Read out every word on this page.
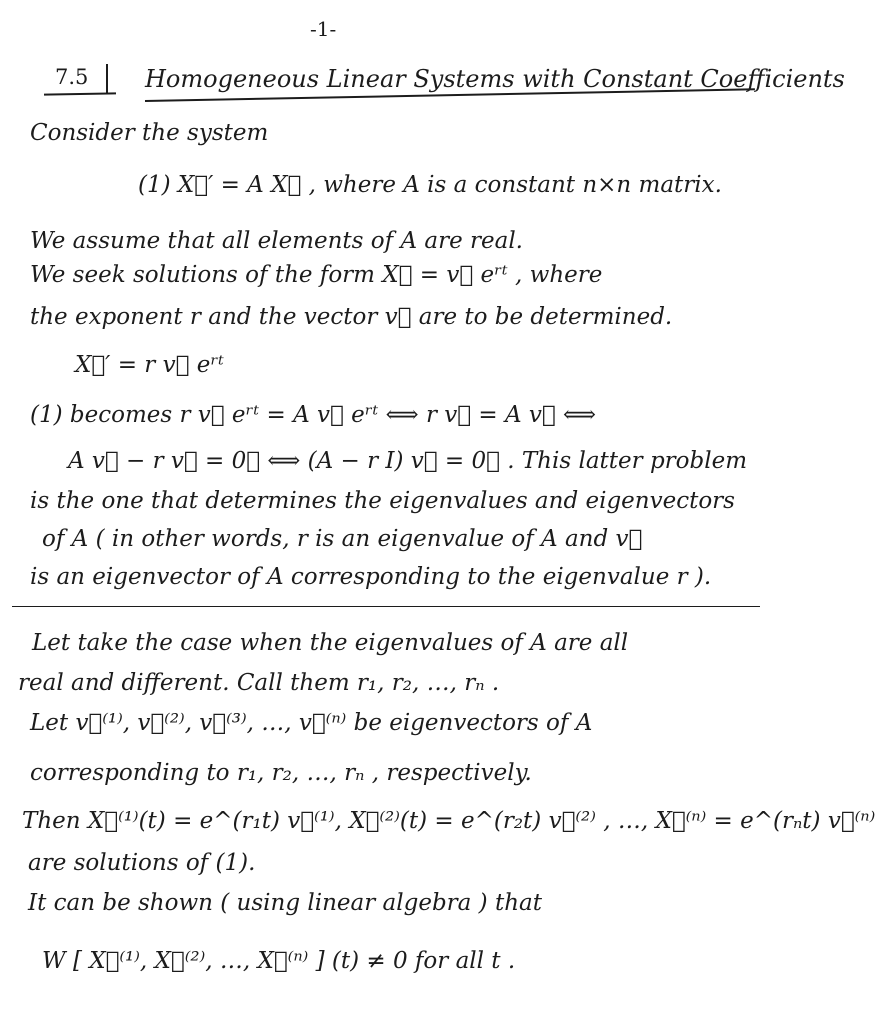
-1-
7.5 Homogeneous Linear Systems with Constant Coefficients
Consider the system
(1) X⃗′ = A X⃗ , where A is a constant n×n matrix.
We assume that all elements of A are real.
We seek solutions of the form X⃗ = v⃗ eʳᵗ , where
the exponent r and the vector v⃗ are to be determined.
X⃗′ = r v⃗ eʳᵗ
(1) becomes r v⃗ eʳᵗ = A v⃗ eʳᵗ ⟺ r v⃗ = A v⃗ ⟺
A v⃗ − r v⃗ = 0⃗ ⟺ (A − r I) v⃗ = 0⃗ . This latter problem
is the one that determines the eigenvalues and eigenvectors
of A ( in other words, r is an eigenvalue of A and v⃗
is an eigenvector of A corresponding to the eigenvalue r ).
Let take the case when the eigenvalues of A are all
real and different. Call them r₁, r₂, …, rₙ .
Let v⃗⁽¹⁾, v⃗⁽²⁾, v⃗⁽³⁾, …, v⃗⁽ⁿ⁾ be eigenvectors of A
corresponding to r₁, r₂, …, rₙ , respectively.
Then X⃗⁽¹⁾(t) = e^(r₁t) v⃗⁽¹⁾, X⃗⁽²⁾(t) = e^(r₂t) v⃗⁽²⁾ , …, X⃗⁽ⁿ⁾ = e^(rₙt) v⃗⁽ⁿ⁾
are solutions of (1).
It can be shown ( using linear algebra ) that
W [ X⃗⁽¹⁾, X⃗⁽²⁾, …, X⃗⁽ⁿ⁾ ] (t) ≠ 0 for all t .
